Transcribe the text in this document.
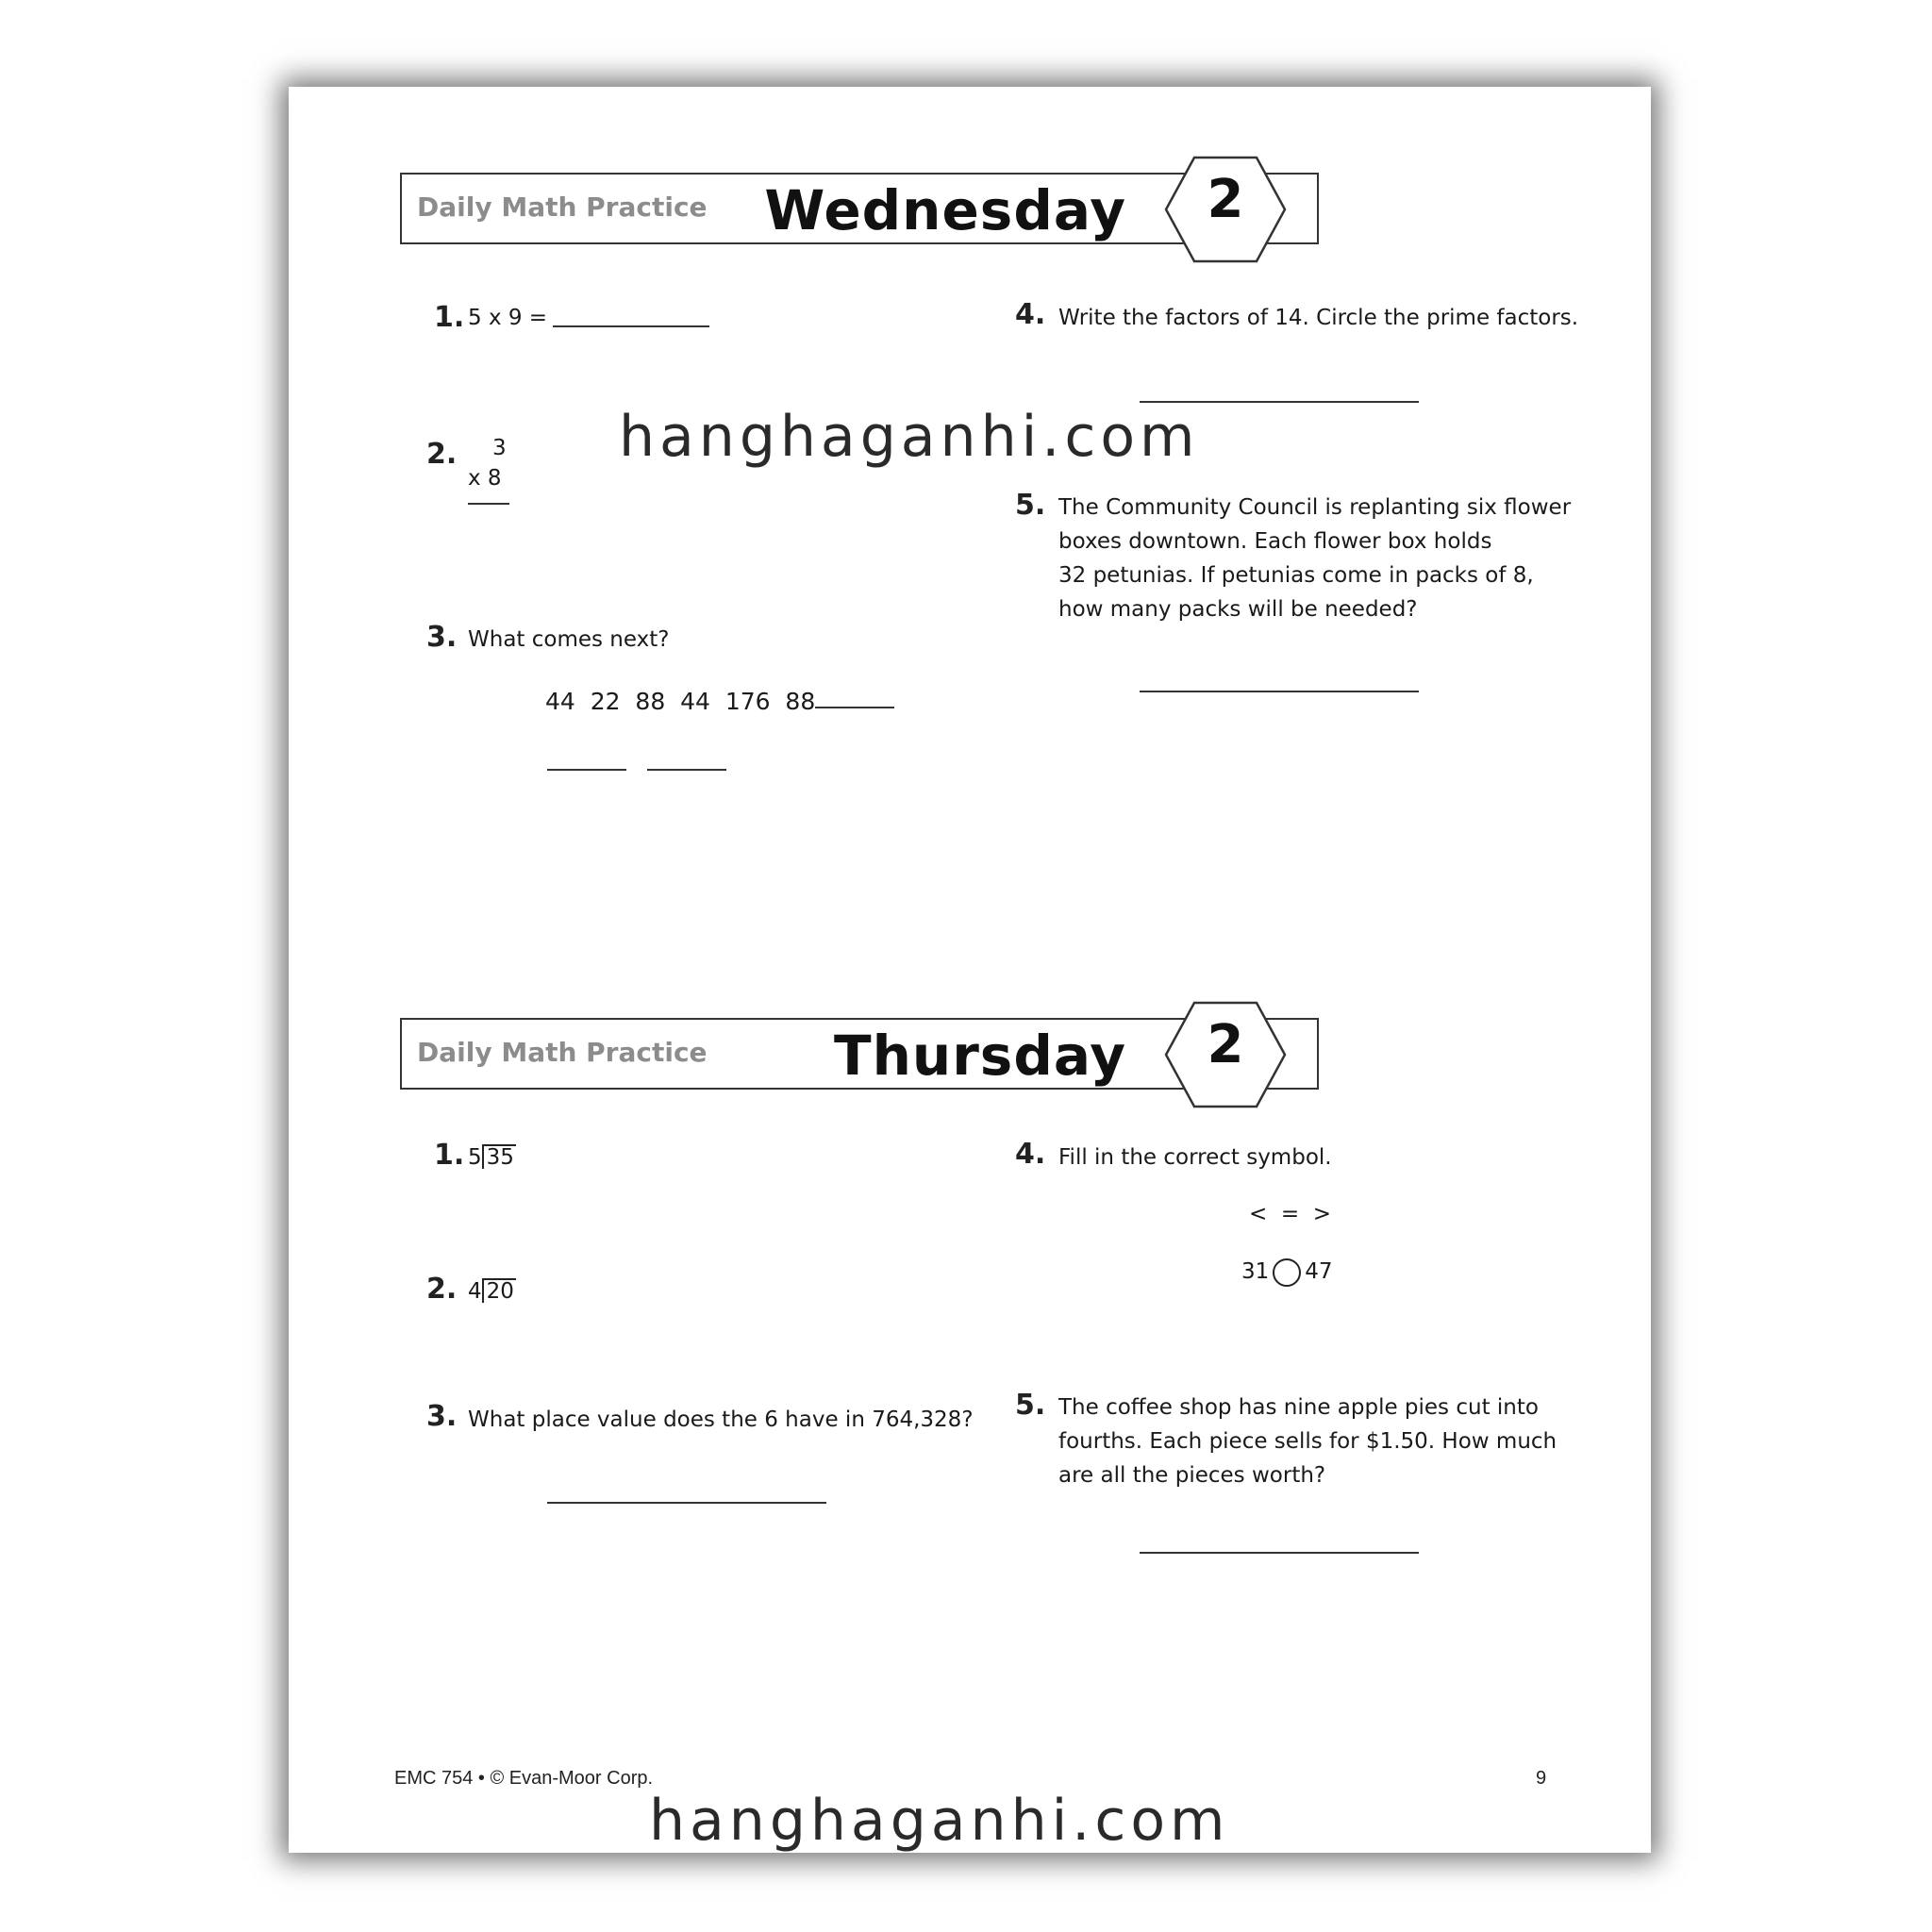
Daily Math Practice Wednesday	2
1. 5 x 9 =
2. 3
x 8
3. What comes next?
44  22  88  44  176  88
4. Write the factors of 14. Circle the prime factors.
5. The Community Council is replanting six flower
boxes downtown. Each flower box holds
32 petunias. If petunias come in packs of 8,
how many packs will be needed?
Daily Math Practice Thursday	2
1. 5 35
2. 4 20
3. What place value does the 6 have in 764,328?
4. Fill in the correct symbol.
<  =  >
31 47
5. The coffee shop has nine apple pies cut into
fourths. Each piece sells for $1.50. How much
are all the pieces worth?
EMC 754 • © Evan-Moor Corp.	9
hanghaganhi.com
hanghaganhi.com
